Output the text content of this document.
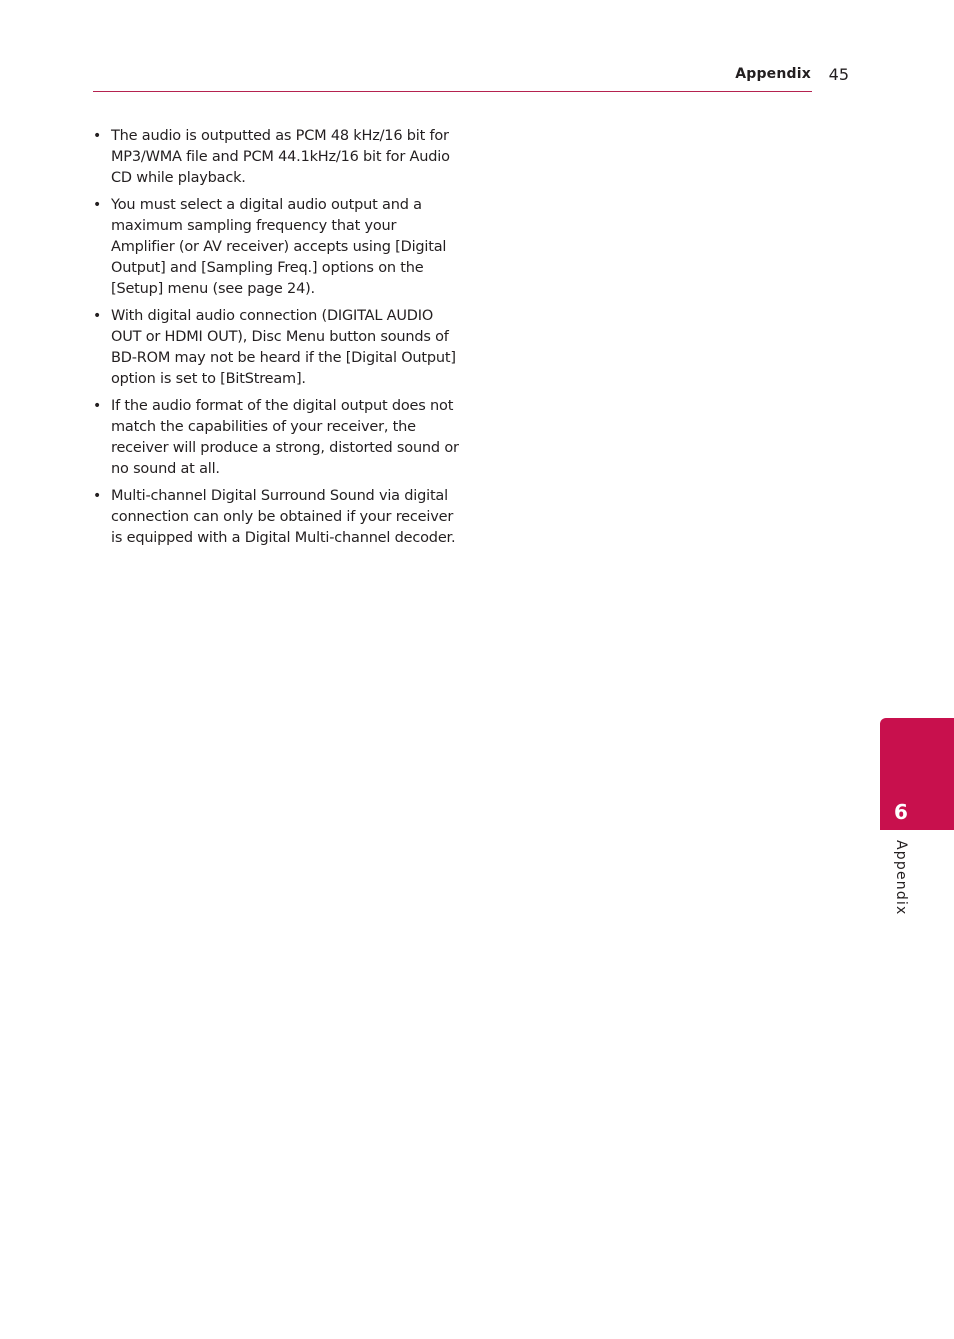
Appendix 45
• The audio is outputted as PCM 48 kHz/16 bit for MP3/WMA file and PCM 44.1kHz/16 bit for Audio CD while playback.
• You must select a digital audio output and a maximum sampling frequency that your Amplifier (or AV receiver) accepts using [Digital Output] and [Sampling Freq.] options on the [Setup] menu (see page 24).
• With digital audio connection (DIGITAL AUDIO OUT or HDMI OUT), Disc Menu button sounds of BD-ROM may not be heard if the [Digital Output] option is set to [BitStream].
• If the audio format of the digital output does not match the capabilities of your receiver, the receiver will produce a strong, distorted sound or no sound at all.
• Multi-channel Digital Surround Sound via digital connection can only be obtained if your receiver is equipped with a Digital Multi-channel decoder.
6
Appendix
